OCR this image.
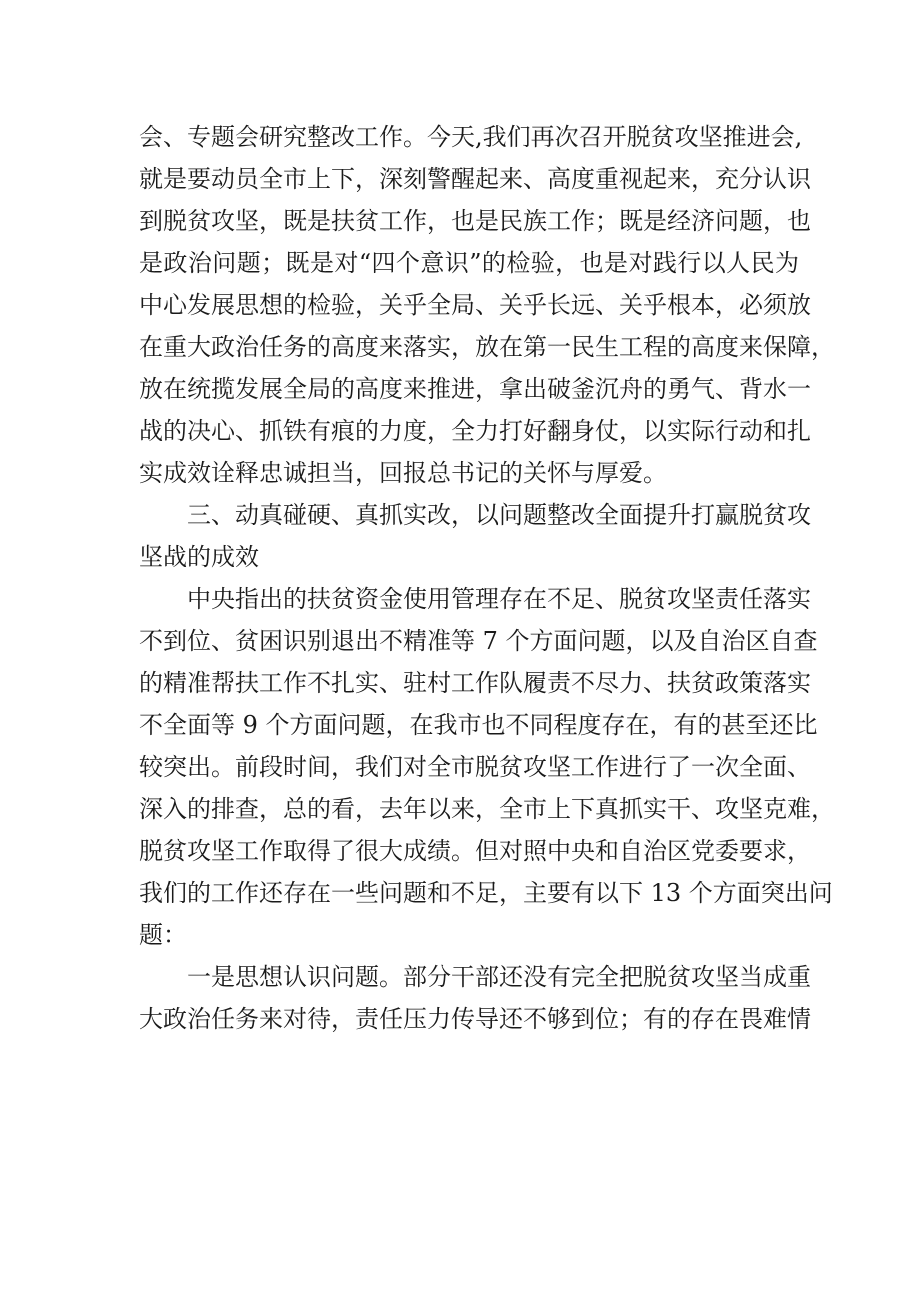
会、专题会研究整改工作。今天,我们再次召开脱贫攻坚推进会,
就是要动员全市上下，深刻警醒起来、高度重视起来，充分认识
到脱贫攻坚，既是扶贫工作，也是民族工作；既是经济问题，也
是政治问题；既是对“四个意识”的检验，也是对践行以人民为
中心发展思想的检验，关乎全局、关乎长远、关乎根本，必须放
在重大政治任务的高度来落实，放在第一民生工程的高度来保障，
放在统揽发展全局的高度来推进，拿出破釜沉舟的勇气、背水一
战的决心、抓铁有痕的力度，全力打好翻身仗，以实际行动和扎
实成效诠释忠诚担当，回报总书记的关怀与厚爱。
三、动真碰硬、真抓实改，以问题整改全面提升打赢脱贫攻
坚战的成效
中央指出的扶贫资金使用管理存在不足、脱贫攻坚责任落实
不到位、贫困识别退出不精准等 7 个方面问题，以及自治区自查
的精准帮扶工作不扎实、驻村工作队履责不尽力、扶贫政策落实
不全面等 9 个方面问题，在我市也不同程度存在，有的甚至还比
较突出。前段时间，我们对全市脱贫攻坚工作进行了一次全面、
深入的排查，总的看，去年以来，全市上下真抓实干、攻坚克难，
脱贫攻坚工作取得了很大成绩。但对照中央和自治区党委要求，
我们的工作还存在一些问题和不足，主要有以下 13 个方面突出问
题：
一是思想认识问题。部分干部还没有完全把脱贫攻坚当成重
大政治任务来对待，责任压力传导还不够到位；有的存在畏难情
